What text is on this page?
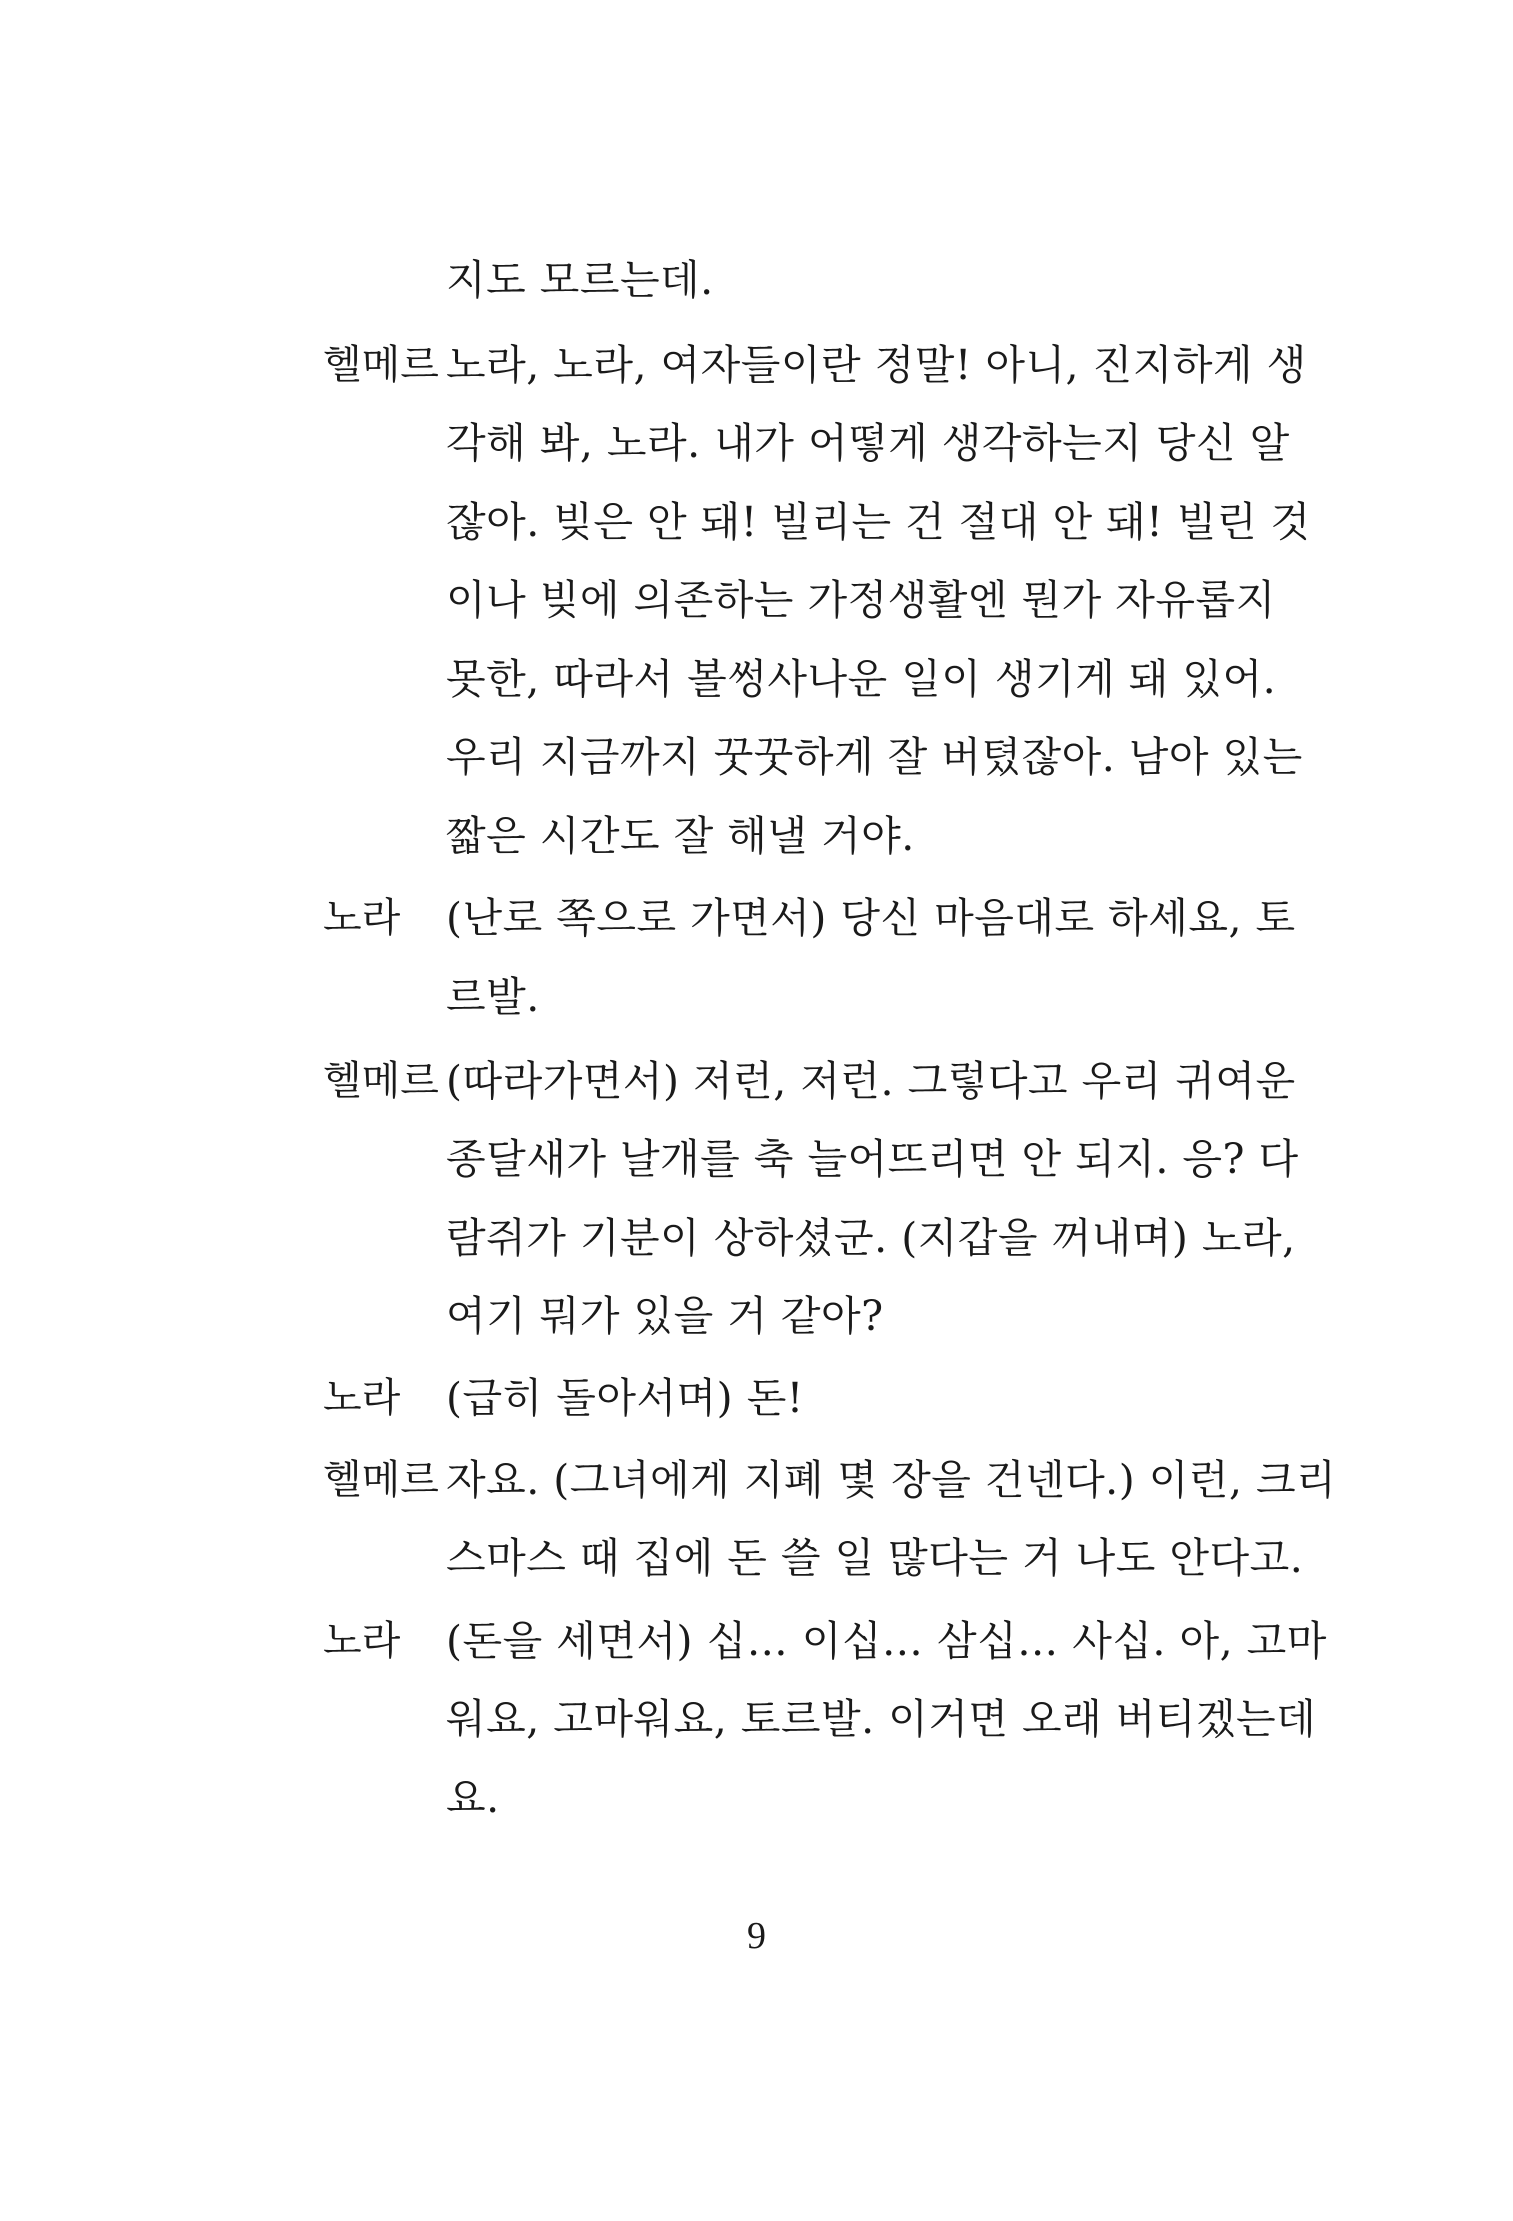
지도 모르는데.
헬메르 노라, 노라, 여자들이란 정말! 아니, 진지하게 생
각해 봐, 노라. 내가 어떻게 생각하는지 당신 알
잖아. 빚은 안 돼! 빌리는 건 절대 안 돼! 빌린 것
이나 빚에 의존하는 가정생활엔 뭔가 자유롭지
못한, 따라서 볼썽사나운 일이 생기게 돼 있어.
우리 지금까지 꿋꿋하게 잘 버텼잖아. 남아 있는
짧은 시간도 잘 해낼 거야.
노라 (난로 쪽으로 가면서) 당신 마음대로 하세요, 토
르발.
헬메르 (따라가면서) 저런, 저런. 그렇다고 우리 귀여운
종달새가 날개를 축 늘어뜨리면 안 되지. 응? 다
람쥐가 기분이 상하셨군. (지갑을 꺼내며) 노라,
여기 뭐가 있을 거 같아?
노라 (급히 돌아서며) 돈!
헬메르 자요. (그녀에게 지폐 몇 장을 건넨다.) 이런, 크리
스마스 때 집에 돈 쓸 일 많다는 거 나도 안다고.
노라 (돈을 세면서) 십… 이십… 삼십… 사십. 아, 고마
워요, 고마워요, 토르발. 이거면 오래 버티겠는데
요.
9
